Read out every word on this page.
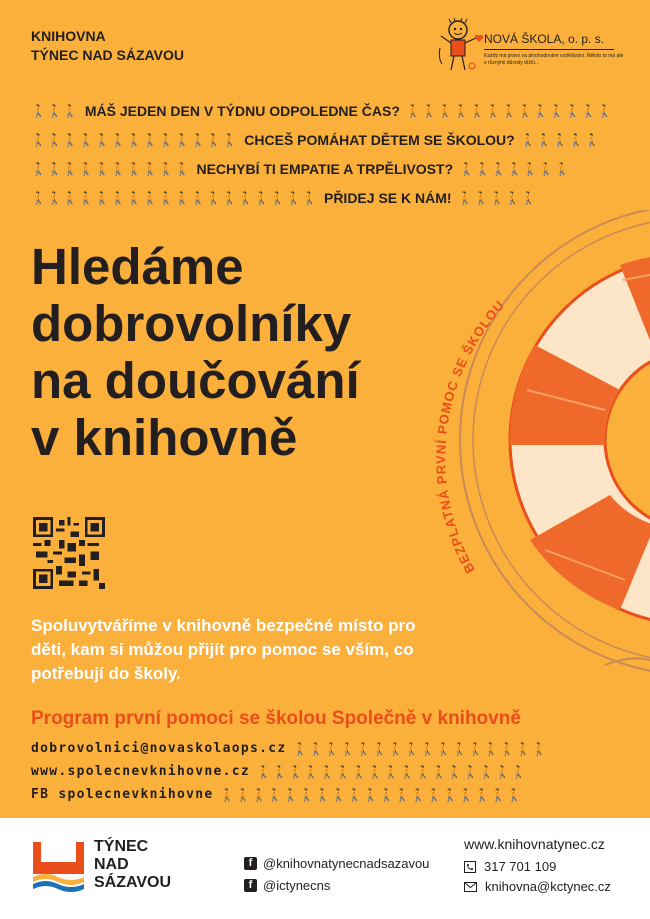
KNIHOVNA
TÝNEC NAD SÁZAVOU
NOVÁ ŠKOLA, o. p. s.
Každý má právo na plnohodnotné vzdělávání. Někdo to má ale s různými důvody těžší...
🚶🚶🚶 MÁŠ JEDEN DEN V TÝDNU ODPOLEDNE ČAS? 🚶🚶🚶🚶🚶🚶🚶🚶🚶🚶🚶🚶🚶
🚶🚶🚶🚶🚶🚶🚶🚶🚶🚶🚶🚶🚶 CHCEŠ POMÁHAT DĚTEM SE ŠKOLOU? 🚶🚶🚶🚶🚶
🚶🚶🚶🚶🚶🚶🚶🚶🚶🚶 NECHYBÍ TI EMPATIE A TRPĚLIVOST? 🚶🚶🚶🚶🚶🚶🚶
🚶🚶🚶🚶🚶🚶🚶🚶🚶🚶🚶🚶🚶🚶🚶🚶🚶🚶 PŘIDEJ SE K NÁM! 🚶🚶🚶🚶🚶
Hledáme
dobrovolníky
na doučování
v knihovně
BEZPLATNÁ PRVNÍ POMOC SE ŠKOLOU
Spoluvytváříme v knihovně bezpečné místo pro děti, kam si můžou přijít pro pomoc se vším, co potřebují do školy.
Program první pomoci se školou Společně v knihovně
dobrovolnici@novaskolaops.cz 🚶🚶🚶🚶🚶🚶🚶🚶🚶🚶🚶🚶🚶🚶🚶🚶
www.spolecnevknihovne.cz 🚶🚶🚶🚶🚶🚶🚶🚶🚶🚶🚶🚶🚶🚶🚶🚶🚶
FB spolecnevknihovne 🚶🚶🚶🚶🚶🚶🚶🚶🚶🚶🚶🚶🚶🚶🚶🚶🚶🚶🚶
TÝNEC
NAD
SÁZAVOU
f @knihovnatynecnadsazavou
f @ictynecns
www.knihovnatynec.cz
317 701 109
knihovna@kctynec.cz
